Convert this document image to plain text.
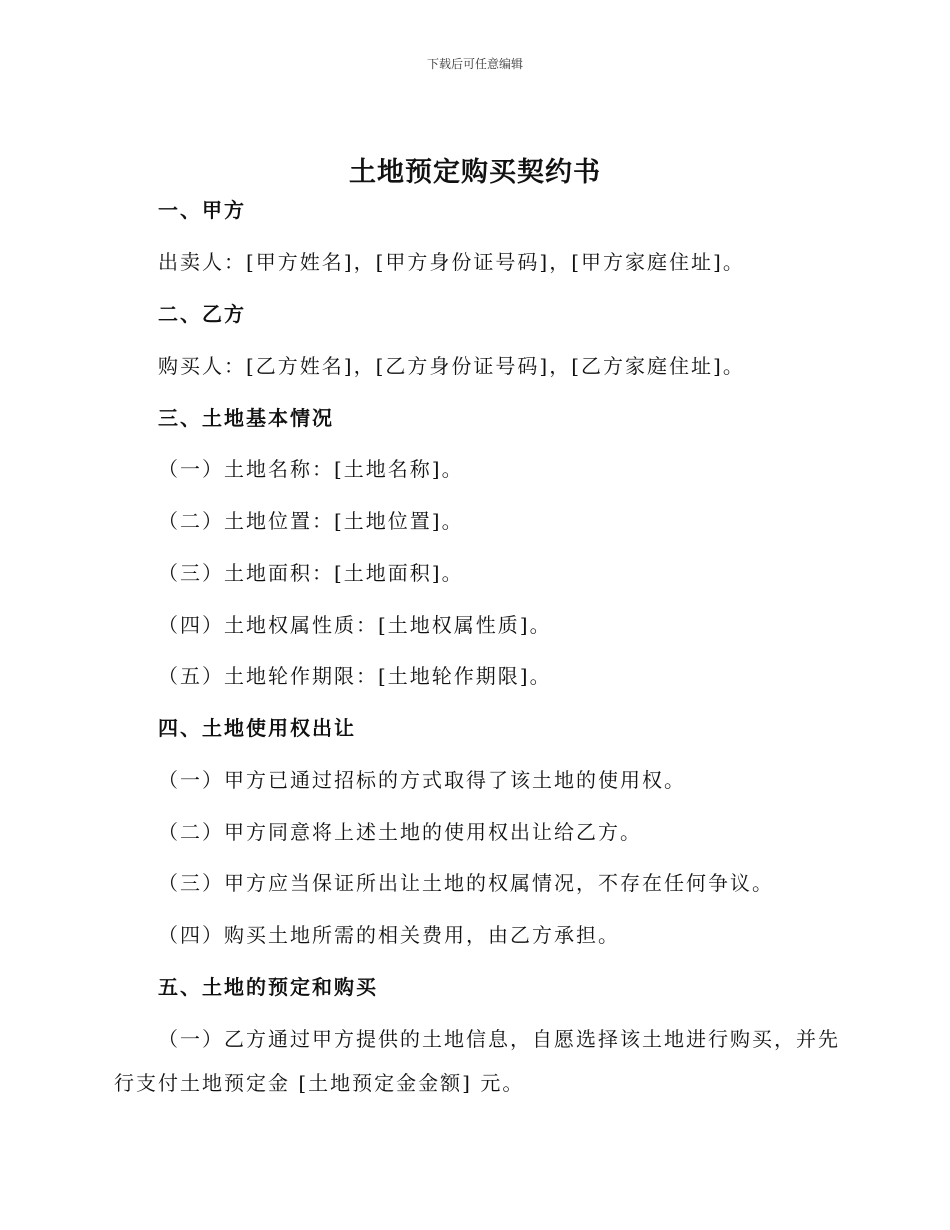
下载后可任意编辑
土地预定购买契约书
一、甲方
出卖人：[甲方姓名]，[甲方身份证号码]，[甲方家庭住址]。
二、乙方
购买人：[乙方姓名]，[乙方身份证号码]，[乙方家庭住址]。
三、土地基本情况
（一）土地名称：[土地名称]。
（二）土地位置：[土地位置]。
（三）土地面积：[土地面积]。
（四）土地权属性质：[土地权属性质]。
（五）土地轮作期限：[土地轮作期限]。
四、土地使用权出让
（一）甲方已通过招标的方式取得了该土地的使用权。
（二）甲方同意将上述土地的使用权出让给乙方。
（三）甲方应当保证所出让土地的权属情况，不存在任何争议。
（四）购买土地所需的相关费用，由乙方承担。
五、土地的预定和购买
（一）乙方通过甲方提供的土地信息，自愿选择该土地进行购买，并先
行支付土地预定金 [土地预定金金额] 元。
